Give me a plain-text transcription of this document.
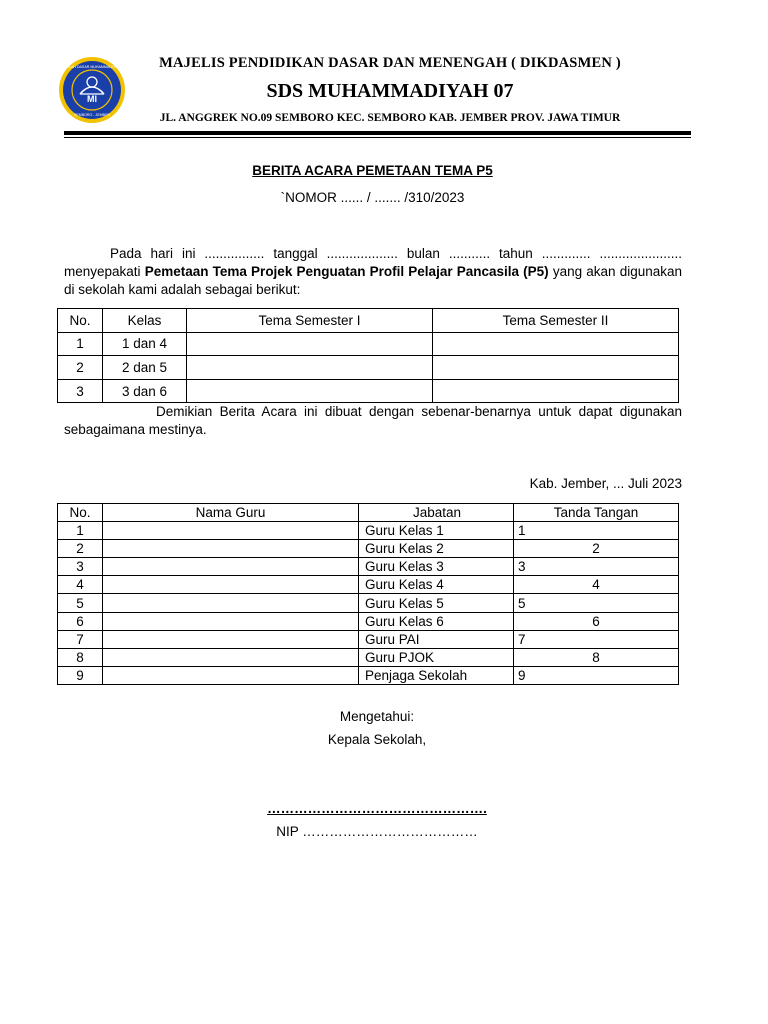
MI
SEKOLAH DASAR MUHAMMADIYAH 07
SEMBORO - JEMBER
MAJELIS PENDIDIKAN DASAR DAN MENENGAH ( DIKDASMEN )
SDS MUHAMMADIYAH 07
JL. ANGGREK NO.09 SEMBORO KEC. SEMBORO KAB. JEMBER PROV. JAWA TIMUR
BERITA ACARA PEMETAAN TEMA P5
`NOMOR ...... / ....... /310/2023
Pada hari ini ................ tanggal ................... bulan ........... tahun ............. ......................
menyepakati Pemetaan Tema Projek Penguatan Profil Pelajar Pancasila (P5) yang akan digunakan di sekolah kami adalah sebagai berikut:
No.	Kelas	Tema Semester I	Tema Semester II
1	1 dan 4		
2	2 dan 5		
3	3 dan 6		
Demikian Berita Acara ini dibuat dengan sebenar-benarnya untuk dapat digunakan sebagaimana mestinya.
Kab. Jember, ... Juli 2023
No.	Nama Guru	Jabatan	Tanda Tangan
1		Guru Kelas 1	1
2		Guru Kelas 2	2
3		Guru Kelas 3	3
4		Guru Kelas 4	4
5		Guru Kelas 5	5
6		Guru Kelas 6	6
7		Guru PAI	7
8		Guru PJOK	8
9		Penjaga Sekolah	9
Mengetahui:
Kepala Sekolah,
………………………………………….
NIP …………………………………
